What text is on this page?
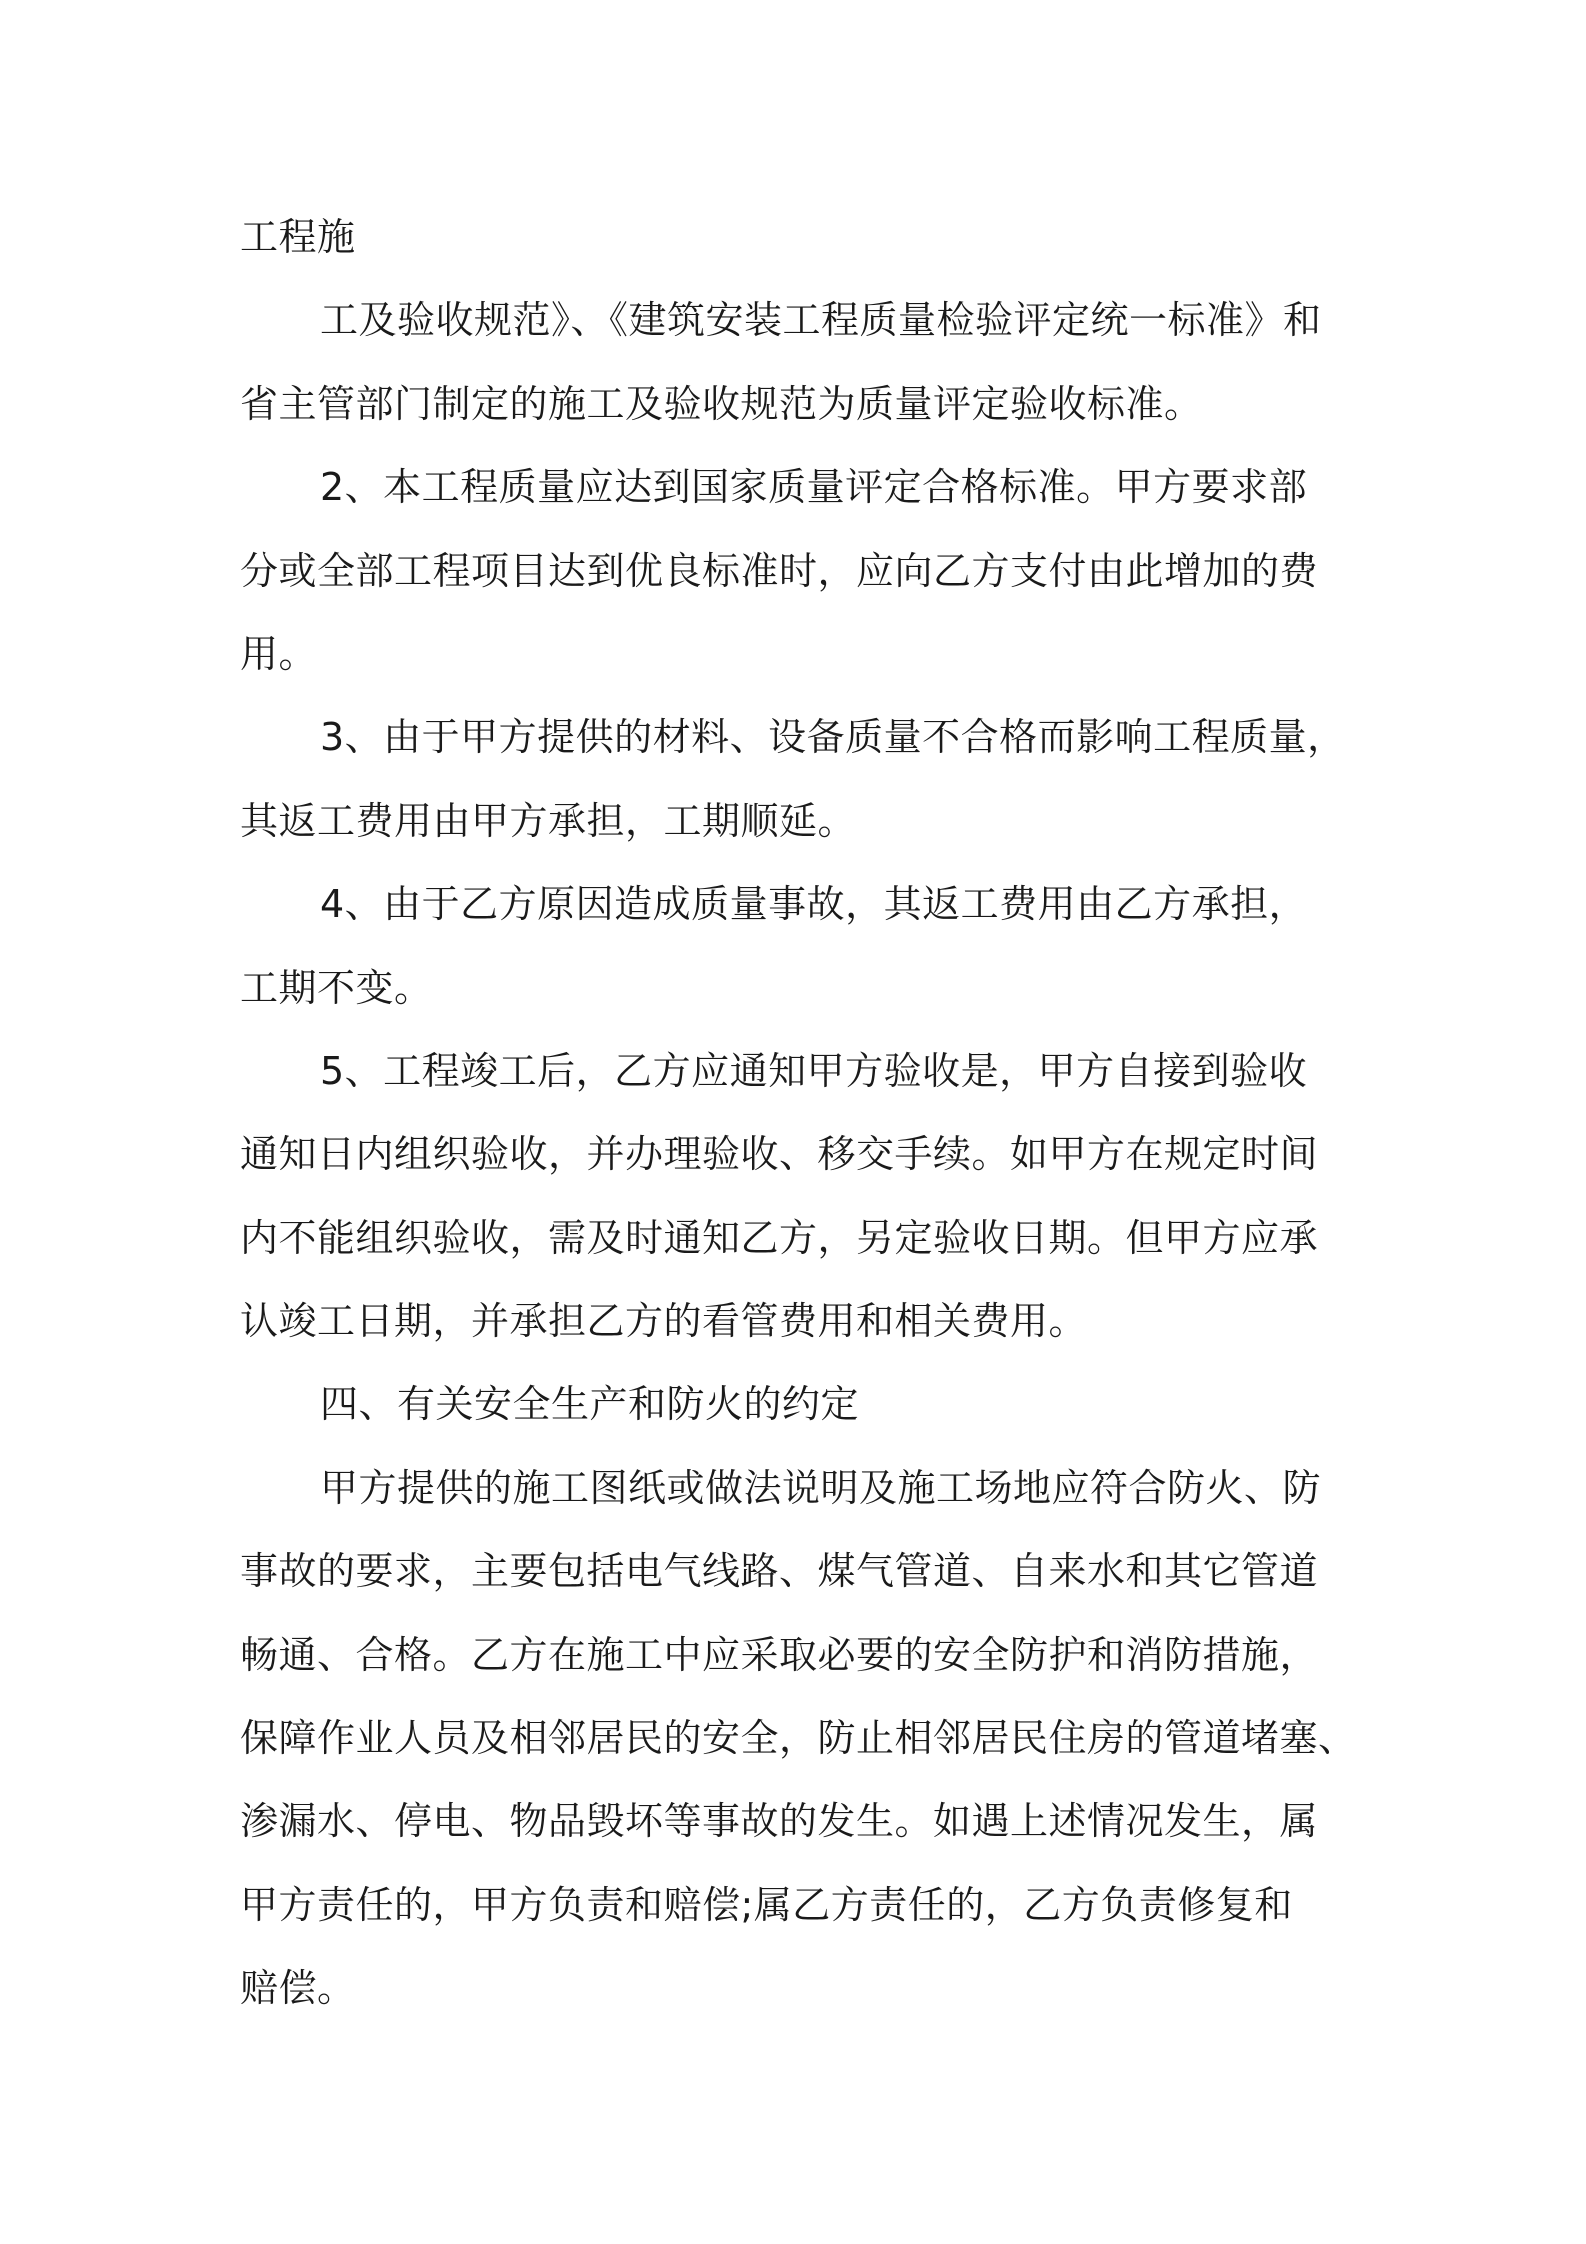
工程施
工及验收规范》、《建筑安装工程质量检验评定统一标准》和
省主管部门制定的施工及验收规范为质量评定验收标准。
2、本工程质量应达到国家质量评定合格标准。甲方要求部
分或全部工程项目达到优良标准时，应向乙方支付由此增加的费
用。
3、由于甲方提供的材料、设备质量不合格而影响工程质量，
其返工费用由甲方承担，工期顺延。
4、由于乙方原因造成质量事故，其返工费用由乙方承担，
工期不变。
5、工程竣工后，乙方应通知甲方验收是，甲方自接到验收
通知日内组织验收，并办理验收、移交手续。如甲方在规定时间
内不能组织验收，需及时通知乙方，另定验收日期。但甲方应承
认竣工日期，并承担乙方的看管费用和相关费用。
四、有关安全生产和防火的约定
甲方提供的施工图纸或做法说明及施工场地应符合防火、防
事故的要求，主要包括电气线路、煤气管道、自来水和其它管道
畅通、合格。乙方在施工中应采取必要的安全防护和消防措施，
保障作业人员及相邻居民的安全，防止相邻居民住房的管道堵塞、
渗漏水、停电、物品毁坏等事故的发生。如遇上述情况发生，属
甲方责任的，甲方负责和赔偿;属乙方责任的，乙方负责修复和
赔偿。
